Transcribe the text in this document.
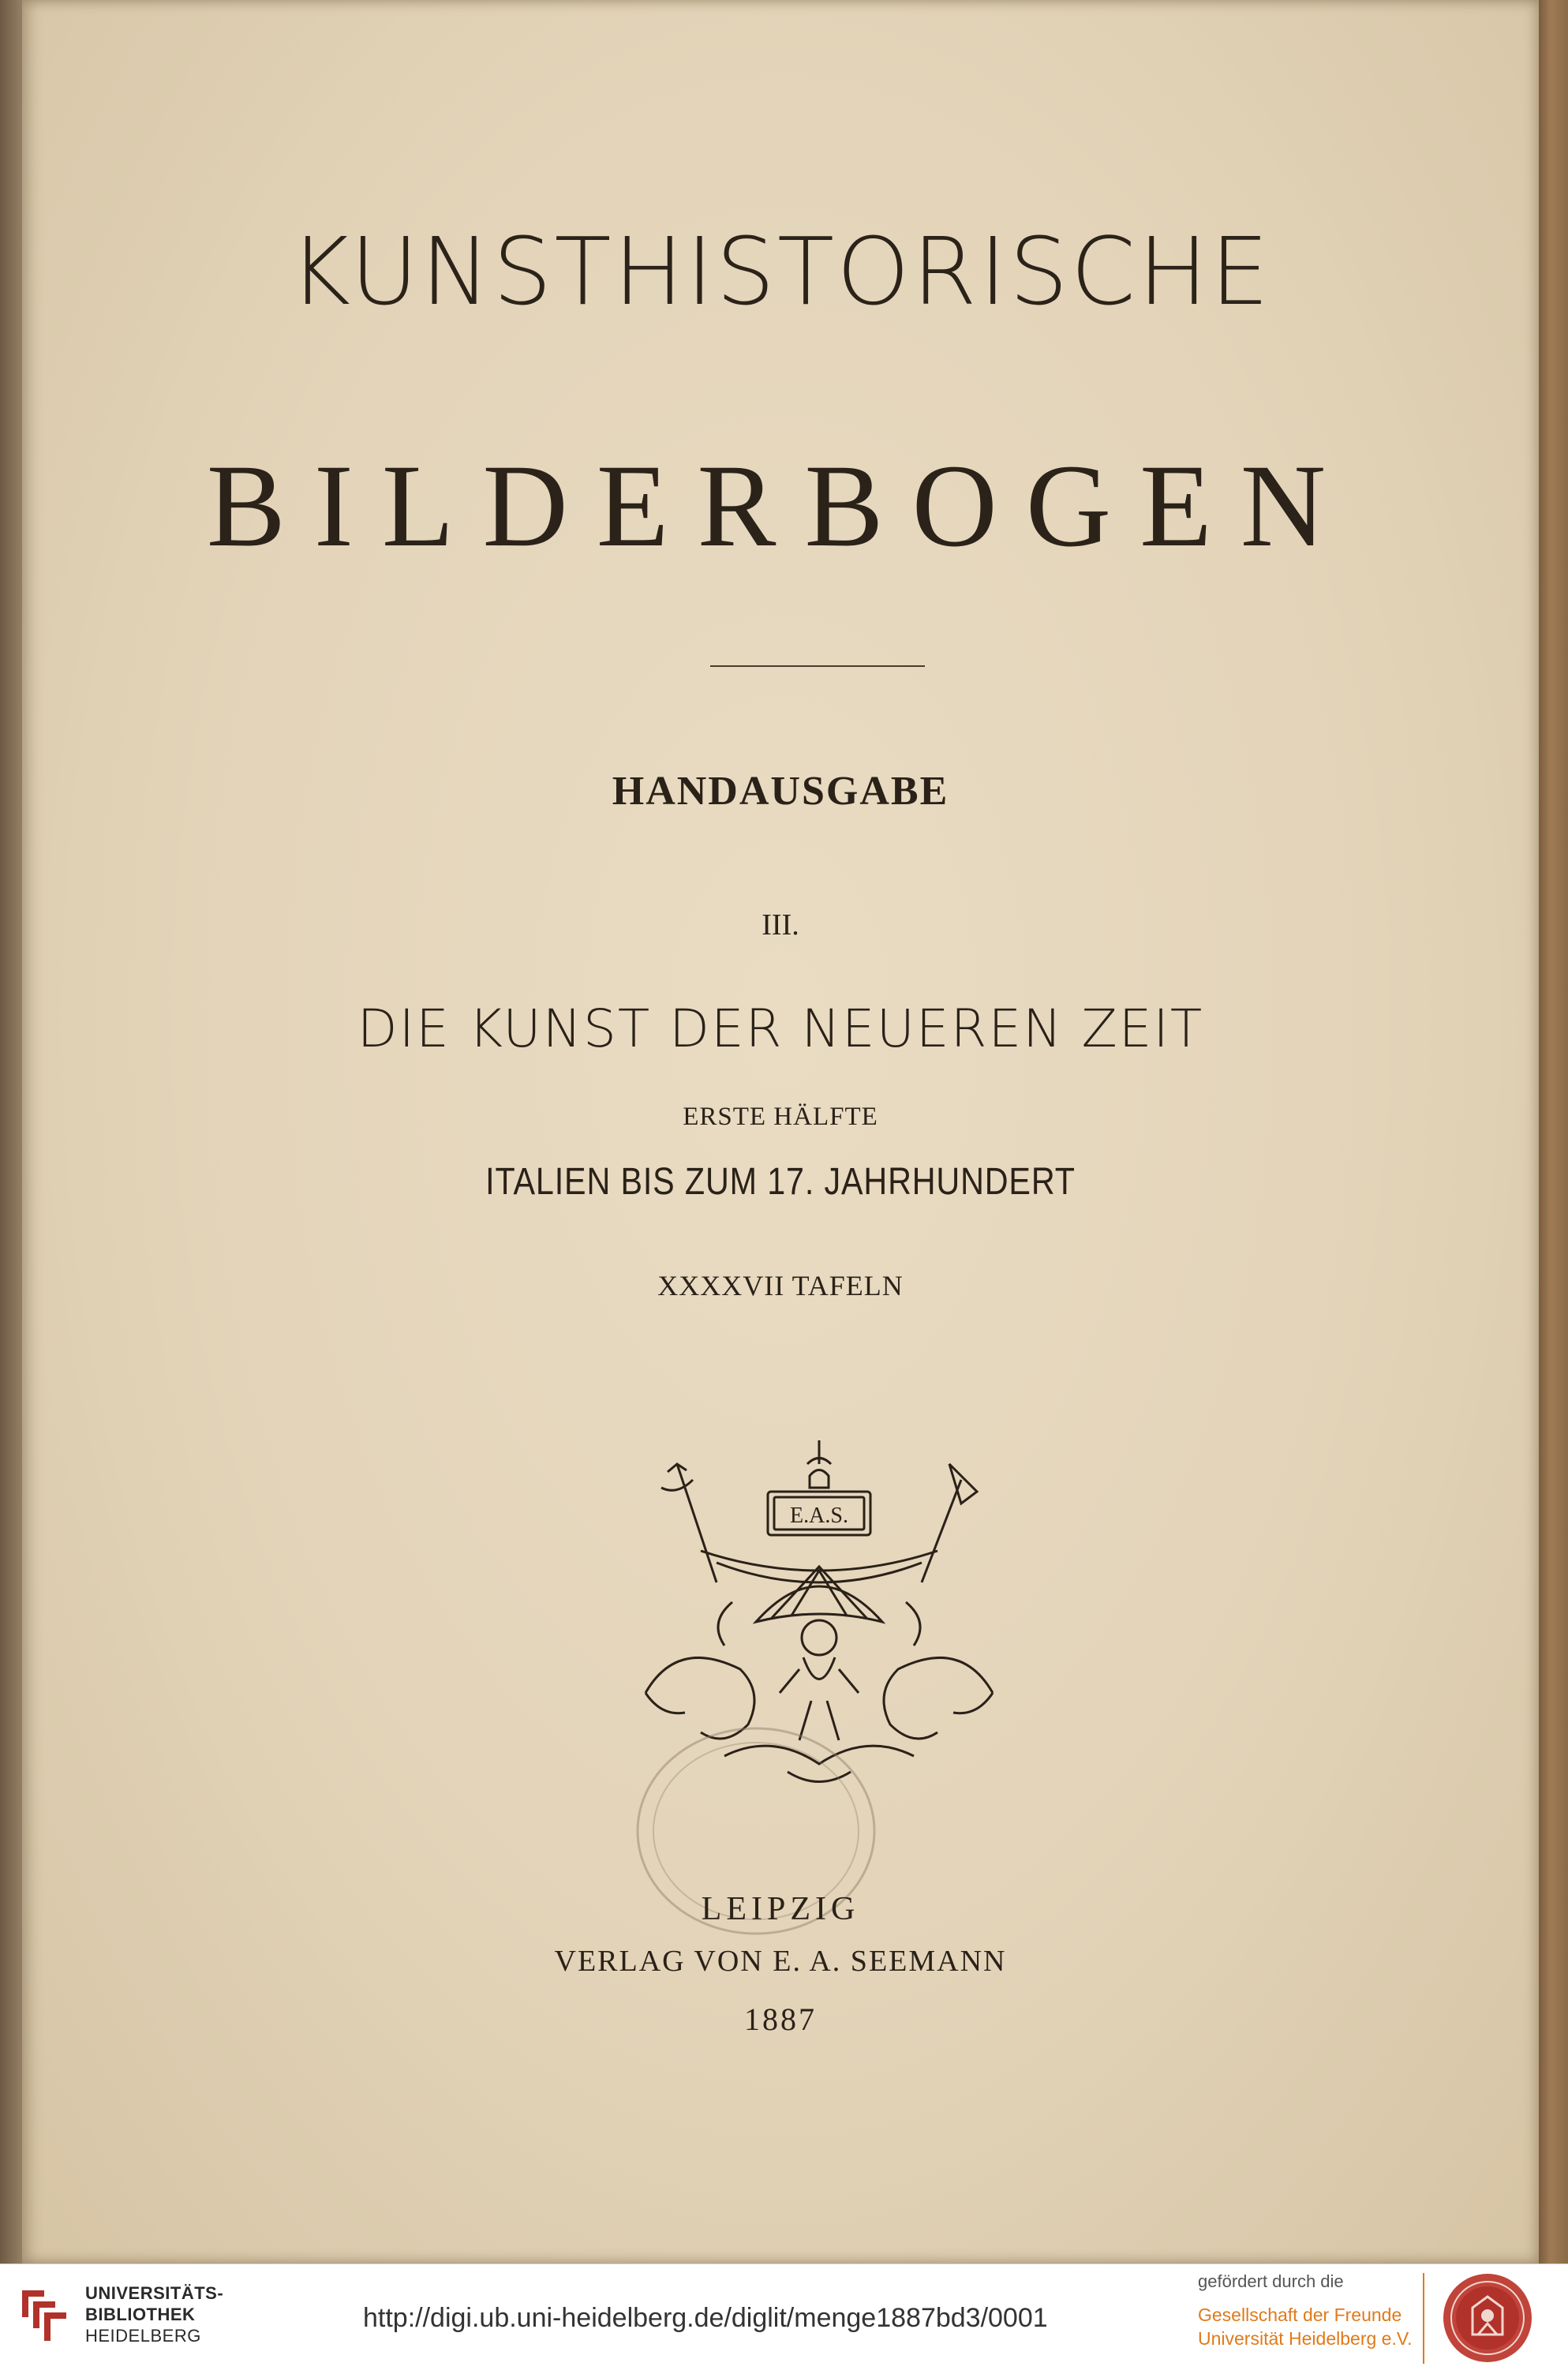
KUNSTHISTORISCHE
BILDERBOGEN
HANDAUSGABE
III.
DIE KUNST DER NEUEREN ZEIT
ERSTE HÄLFTE
ITALIEN BIS ZUM 17. JAHRHUNDERT
XXXXVII TAFELN
E.A.S.
LEIPZIG
VERLAG VON E. A. SEEMANN
1887
UNIVERSITÄTS-
BIBLIOTHEK
HEIDELBERG
http://digi.ub.uni-heidelberg.de/diglit/menge1887bd3/0001
gefördert durch die
Gesellschaft der Freunde
Universität Heidelberg e.V.
